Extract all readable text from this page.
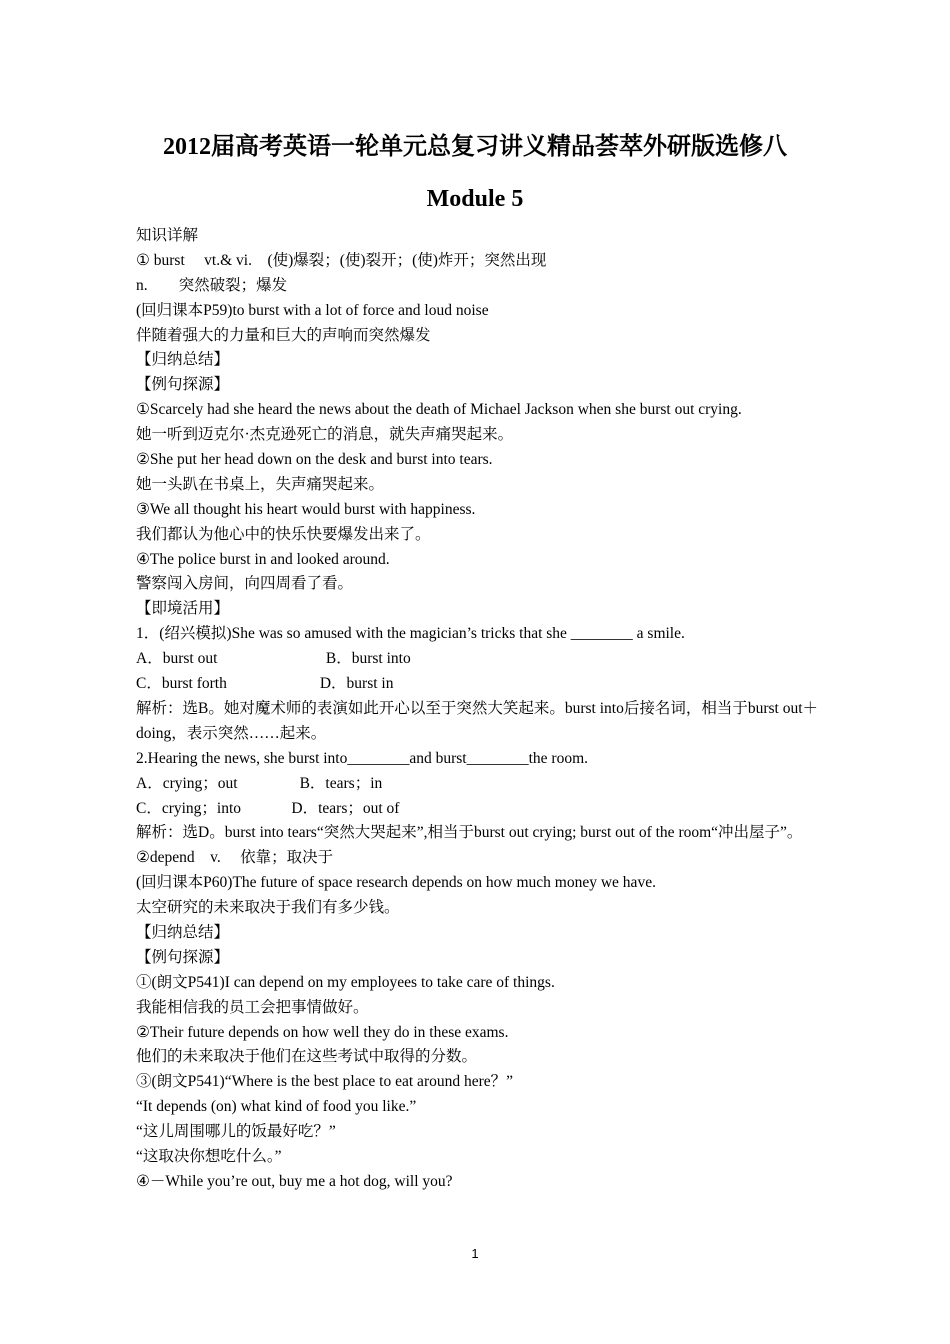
2012届高考英语一轮单元总复习讲义精品荟萃外研版选修八
Module 5
知识详解
① burst　 vt.& vi.　(使)爆裂；(使)裂开；(使)炸开；突然出现
n.　　突然破裂；爆发
(回归课本P59)to burst with a lot of force and loud noise
伴随着强大的力量和巨大的声响而突然爆发
【归纳总结】
【例句探源】
①Scarcely had she heard the news about the death of Michael Jackson when she burst out crying.
她一听到迈克尔·杰克逊死亡的消息，就失声痛哭起来。
②She put her head down on the desk and burst into tears.
她一头趴在书桌上，失声痛哭起来。
③We all thought his heart would burst with happiness.
我们都认为他心中的快乐快要爆发出来了。
④The police burst in and looked around.
警察闯入房间，向四周看了看。
【即境活用】
1．(绍兴模拟)She was so amused with the magician’s tricks that she ________ a smile.
A．burst out　　　　　　　B．burst into
C．burst forth　　　　　　D．burst in
解析：选B。她对魔术师的表演如此开心以至于突然大笑起来。burst into后接名词，相当于burst out＋doing，表示突然……起来。
2.Hearing the news, she burst into________and burst________the room.
A．crying；out　　　　B．tears；in
C．crying；into　　　 D．tears；out of
解析：选D。burst into tears“突然大哭起来”,相当于burst out crying; burst out of the room“冲出屋子”。
②depend　v.　 依靠；取决于
(回归课本P60)The future of space research depends on how much money we have.
太空研究的未来取决于我们有多少钱。
【归纳总结】
【例句探源】
①(朗文P541)I can depend on my employees to take care of things.
我能相信我的员工会把事情做好。
②Their future depends on how well they do in these exams.
他们的未来取决于他们在这些考试中取得的分数。
③(朗文P541)“Where is the best place to eat around here？”
“It depends (on) what kind of food you like.”
“这儿周围哪儿的饭最好吃？”
“这取决你想吃什么。”
④－While you’re out, buy me a hot dog, will you?
1
